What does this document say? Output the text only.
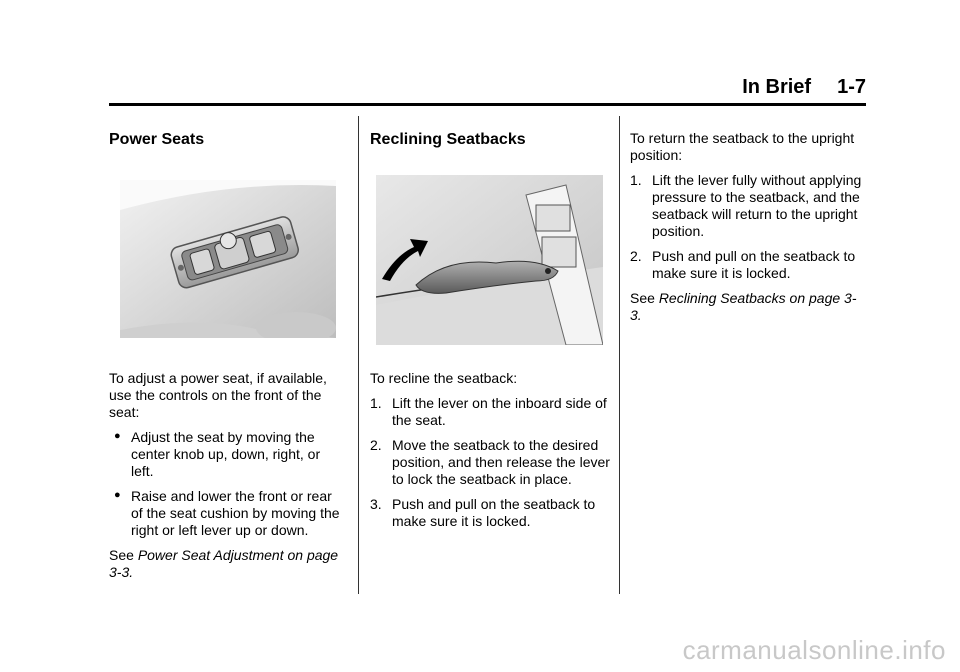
In Brief 1-7
Power Seats

To adjust a power seat, if available, use the controls on the front of the seat:

● Adjust the seat by moving the center knob up, down, right, or left.
● Raise and lower the front or rear of the seat cushion by moving the right or left lever up or down.

See Power Seat Adjustment on page 3-3.

Reclining Seatbacks

To recline the seatback:

1. Lift the lever on the inboard side of the seat.
2. Move the seatback to the desired position, and then release the lever to lock the seatback in place.
3. Push and pull on the seatback to make sure it is locked.

To return the seatback to the upright position:

1. Lift the lever fully without applying pressure to the seatback, and the seatback will return to the upright position.
2. Push and pull on the seatback to make sure it is locked.

See Reclining Seatbacks on page 3-3.

carmanualsonline.info
